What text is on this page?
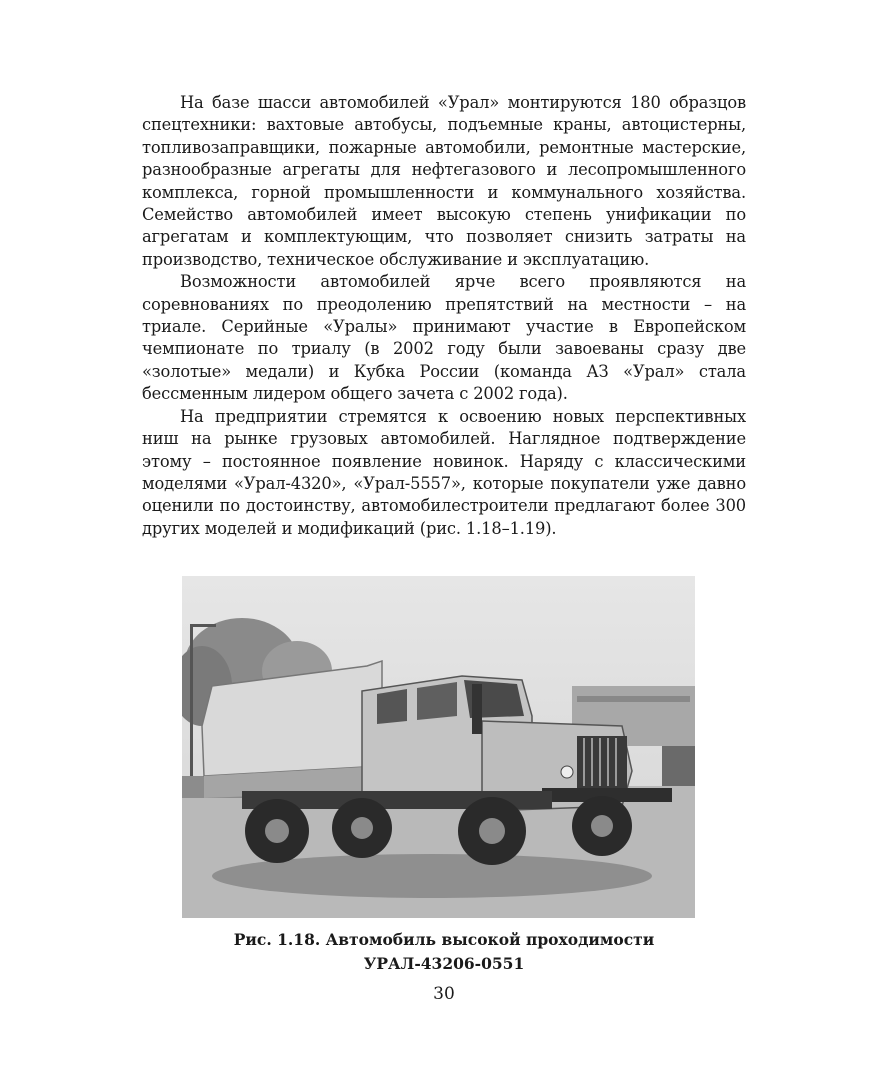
На базе шасси автомобилей «Урал» монтируются 180 образцов спецтехники: вахтовые автобусы, подъемные краны, автоцистерны, топливозаправщики, пожарные автомобили, ремонтные мастерские, разнообразные агрегаты для нефтегазового и лесопромышленного комплекса, горной промышленности и коммунального хозяйства. Семейство автомобилей имеет высокую степень унификации по агрегатам и комплектующим, что позволяет снизить затраты на производство, техническое обслуживание и эксплуатацию.

Возможности автомобилей ярче всего проявляются на соревнованиях по преодолению препятствий на местности – на триале. Серийные «Уралы» принимают участие в Европейском чемпионате по триалу (в 2002 году были завоеваны сразу две «золотые» медали) и Кубка России (команда АЗ «Урал» стала бессменным лидером общего зачета с 2002 года).

На предприятии стремятся к освоению новых перспективных ниш на рынке грузовых автомобилей. Наглядное подтверждение этому – постоянное появление новинок. Наряду с классическими моделями «Урал-4320», «Урал-5557», которые покупатели уже давно оценили по достоинству, автомобилестроители предлагают более 300 других моделей и модификаций (рис. 1.18–1.19).

Рис. 1.18. Автомобиль высокой проходимости
УРАЛ-43206-0551
30
